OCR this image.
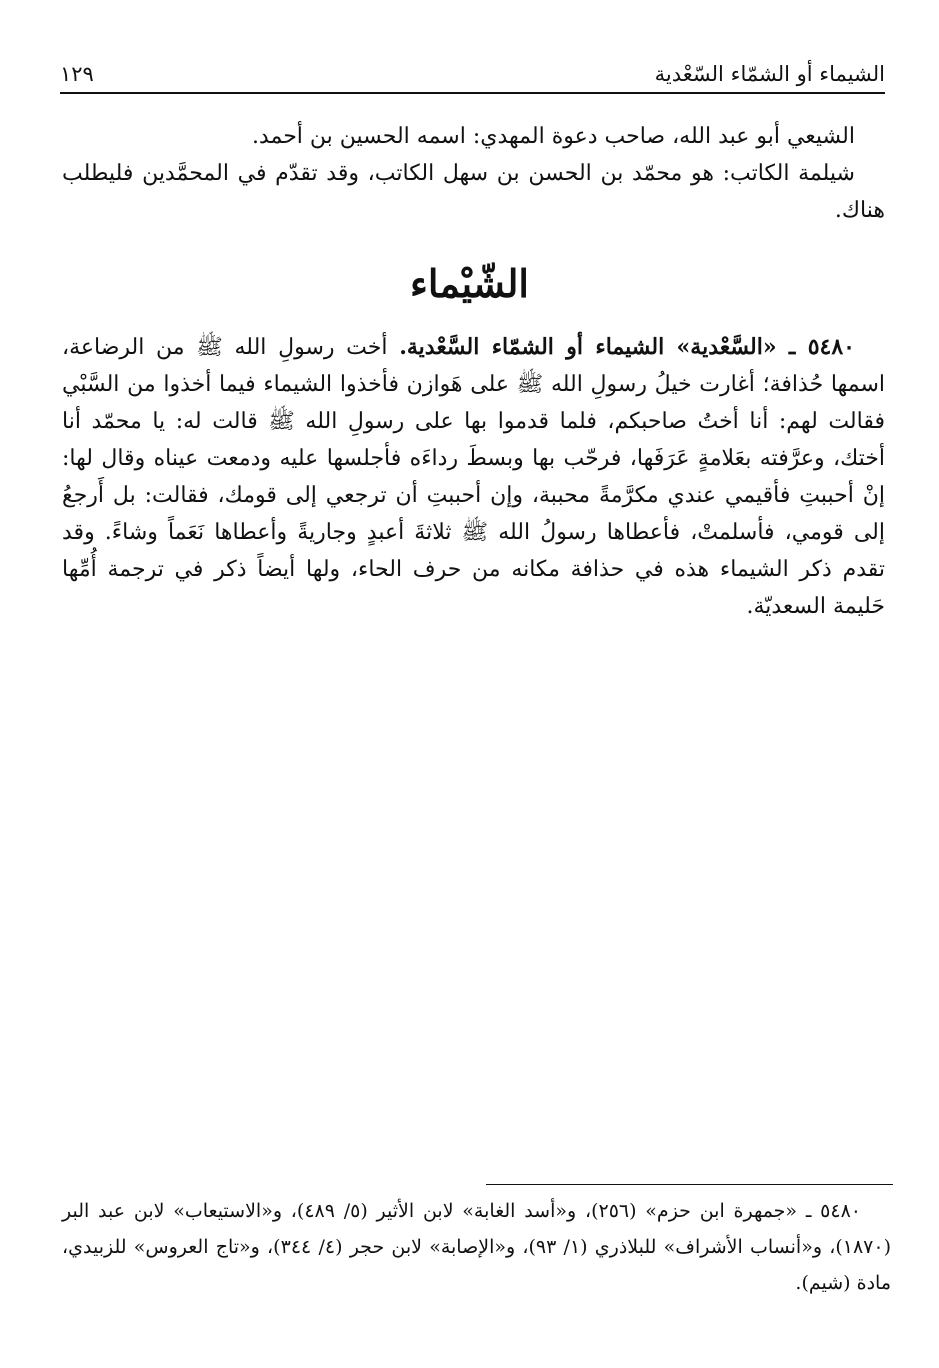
الشيماء أو الشمّاء السّعْدية
١٢٩

الشيعي أبو عبد الله، صاحب دعوة المهدي: اسمه الحسين بن أحمد.

شيلمة الكاتب: هو محمّد بن الحسن بن سهل الكاتب، وقد تقدّم في المحمَّدين فليطلب هناك.

الشّيْماء

٥٤٨٠ ـ «السَّعْدية» الشيماء أو الشمّاء السَّعْدية. أخت رسولِ الله ﷺ من الرضاعة، اسمها حُذافة؛ أغارت خيلُ رسولِ الله ﷺ على هَوازن فأخذوا الشيماء فيما أخذوا من السَّبْي فقالت لهم: أنا أختُ صاحبكم، فلما قدموا بها على رسولِ الله ﷺ قالت له: يا محمّد أنا أختك، وعرَّفته بعَلامةٍ عَرَفَها، فرحّب بها وبسطَ رداءَه فأجلسها عليه ودمعت عيناه وقال لها: إنْ أحببتِ فأقيمي عندي مكرَّمةً محببة، وإن أحببتِ أن ترجعي إلى قومك، فقالت: بل أَرجعُ إلى قومي، فأسلمتْ، فأعطاها رسولُ الله ﷺ ثلاثةَ أعبدٍ وجاريةً وأعطاها نَعَماً وشاءً. وقد تقدم ذكر الشيماء هذه في حذافة مكانه من حرف الحاء، ولها أيضاً ذكر في ترجمة أُمِّها حَليمة السعديّة.

٥٤٨٠ ـ «جمهرة ابن حزم» (٢٥٦)، و«أسد الغابة» لابن الأثير (٥/ ٤٨٩)، و«الاستيعاب» لابن عبد البر (١٨٧٠)، و«أنساب الأشراف» للبلاذري (١/ ٩٣)، و«الإصابة» لابن حجر (٤/ ٣٤٤)، و«تاج العروس» للزبيدي، مادة (شيم).
